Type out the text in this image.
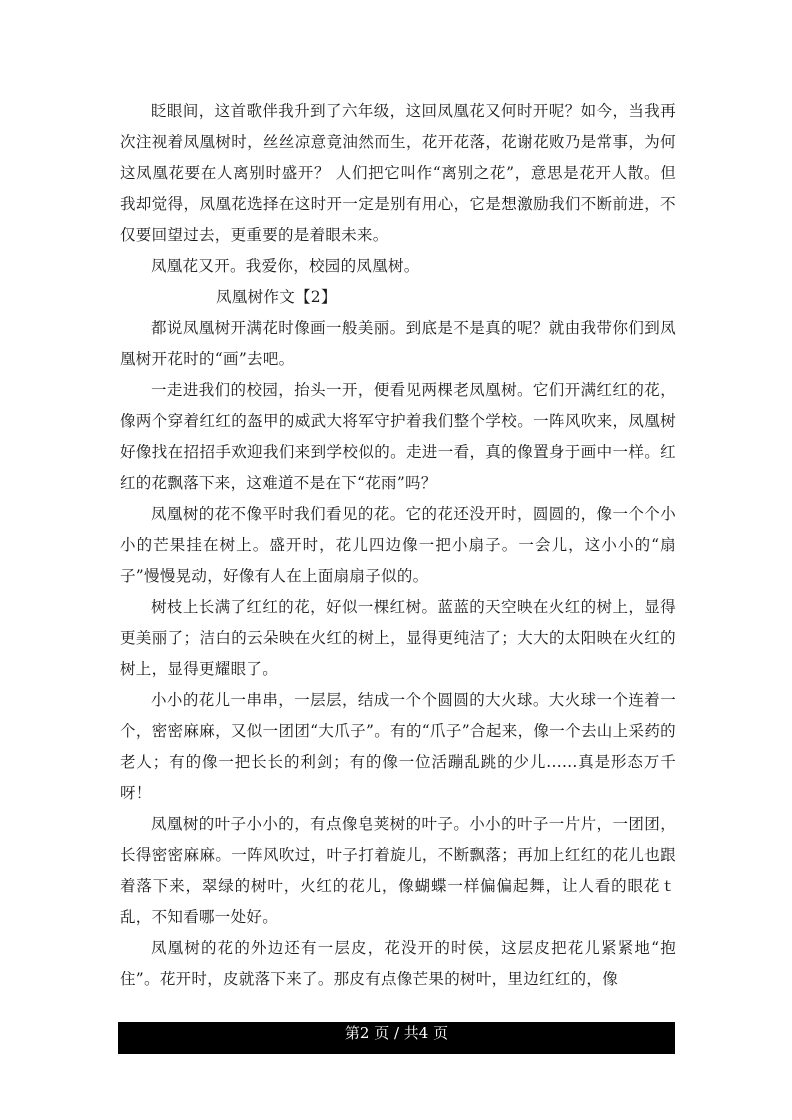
眨眼间，这首歌伴我升到了六年级，这回凤凰花又何时开呢？如今，当我再次注视着凤凰树时，丝丝凉意竟油然而生，花开花落，花谢花败乃是常事，为何这凤凰花要在人离别时盛开？ 人们把它叫作“离别之花”，意思是花开人散。但我却觉得，凤凰花选择在这时开一定是别有用心，它是想激励我们不断前进，不仅要回望过去，更重要的是着眼未来。

凤凰花又开。我爱你，校园的凤凰树。

凤凰树作文【2】

都说凤凰树开满花时像画一般美丽。到底是不是真的呢？就由我带你们到凤凰树开花时的“画”去吧。

一走进我们的校园，抬头一开，便看见两棵老凤凰树。它们开满红红的花，像两个穿着红红的盔甲的威武大将军守护着我们整个学校。一阵风吹来，凤凰树好像找在招招手欢迎我们来到学校似的。走进一看，真的像置身于画中一样。红红的花飘落下来，这难道不是在下“花雨”吗？

凤凰树的花不像平时我们看见的花。它的花还没开时，圆圆的，像一个个小小的芒果挂在树上。盛开时，花儿四边像一把小扇子。一会儿，这小小的“扇子”慢慢晃动，好像有人在上面扇扇子似的。

树枝上长满了红红的花，好似一棵红树。蓝蓝的天空映在火红的树上，显得更美丽了；洁白的云朵映在火红的树上，显得更纯洁了；大大的太阳映在火红的树上，显得更耀眼了。

小小的花儿一串串，一层层，结成一个个圆圆的大火球。大火球一个连着一个，密密麻麻，又似一团团“大爪子”。有的“爪子”合起来，像一个去山上采药的老人；有的像一把长长的利剑；有的像一位活蹦乱跳的少儿......真是形态万千呀！

凤凰树的叶子小小的，有点像皂荚树的叶子。小小的叶子一片片，一团团，长得密密麻麻。一阵风吹过，叶子打着旋儿，不断飘落；再加上红红的花儿也跟着落下来，翠绿的树叶，火红的花儿，像蝴蝶一样偏偏起舞，让人看的眼花ｔ乱，不知看哪一处好。

凤凰树的花的外边还有一层皮，花没开的时侯，这层皮把花儿紧紧地“抱住”。花开时，皮就落下来了。那皮有点像芒果的树叶，里边红红的，像

第2 页 / 共4 页
